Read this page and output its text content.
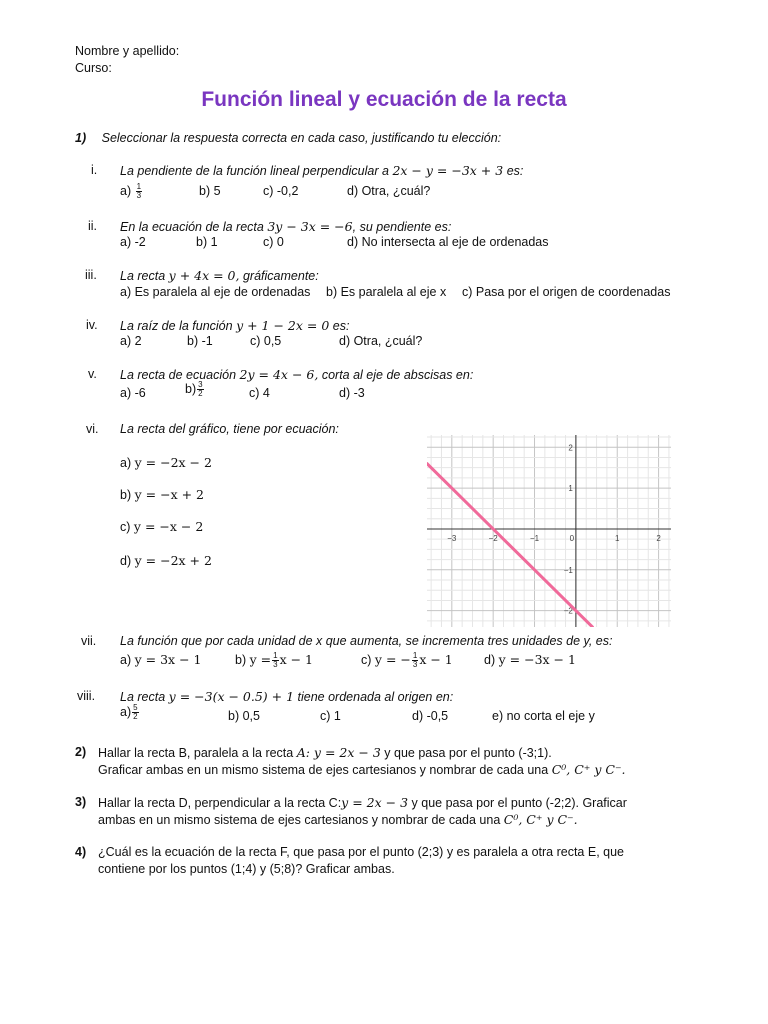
Nombre y apellido:
Curso:
Función lineal y ecuación de la recta
1) Seleccionar la respuesta correcta en cada caso, justificando tu elección:
i. La pendiente de la función lineal perpendicular a 2x − y = −3x + 3 es:
$a) \frac{1}{3}$	b) 5	c) -0,2	d) Otra, ¿cuál?
ii. En la ecuación de la recta 3y − 3x = −6, su pendiente es:
a) -2	b) 1	c) 0	d) No intersecta al eje de ordenadas
iii. La recta y + 4x = 0, gráficamente:
a) Es paralela al eje de ordenadas b) Es paralela al eje x c) Pasa por el origen de coordenadas
iv. La raíz de la función y + 1 − 2x = 0 es:
a) 2	b) -1	c) 0,5	d) Otra, ¿cuál?
v. La recta de ecuación 2y = 4x − 6, corta al eje de abscisas en:
a) -6	$b) \frac{3}{2}$	c) 4	d) -3
vi. La recta del gráfico, tiene por ecuación:
a) y = −2x − 2
b) y = −x + 2
c) y = −x − 2
d) y = −2x + 2
−3	−2	−1	0	1	2
2
1
−1
−2
vii. La función que por cada unidad de x que aumenta, se incrementa tres unidades de y, es:
a) y = 3x − 1	b) $y = \frac{1}{3}$ x − 1	c) y = − $\frac{1}{3}$ x − 1 d) y = −3x − 1
viii. La recta y = −3(x − 0.5) + 1 tiene ordenada al origen en:
$a) \frac{5}{2}$	b) 0,5	c) 1	d) -0,5	e) no corta el eje y
2) Hallar la recta B, paralela a la recta A: y = 2x − 3 y que pasa por el punto (-3;1).
Graficar ambas en un mismo sistema de ejes cartesianos y nombrar de cada una C⁰, C⁺ y C⁻.
3) Hallar la recta D, perpendicular a la recta C:y = 2x − 3 y que pasa por el punto (-2;2). Graficar
ambas en un mismo sistema de ejes cartesianos y nombrar de cada una C⁰, C⁺ y C⁻.
4) ¿Cuál es la ecuación de la recta F, que pasa por el punto (2;3) y es paralela a otra recta E, que
contiene por los puntos (1;4) y (5;8)? Graficar ambas.
